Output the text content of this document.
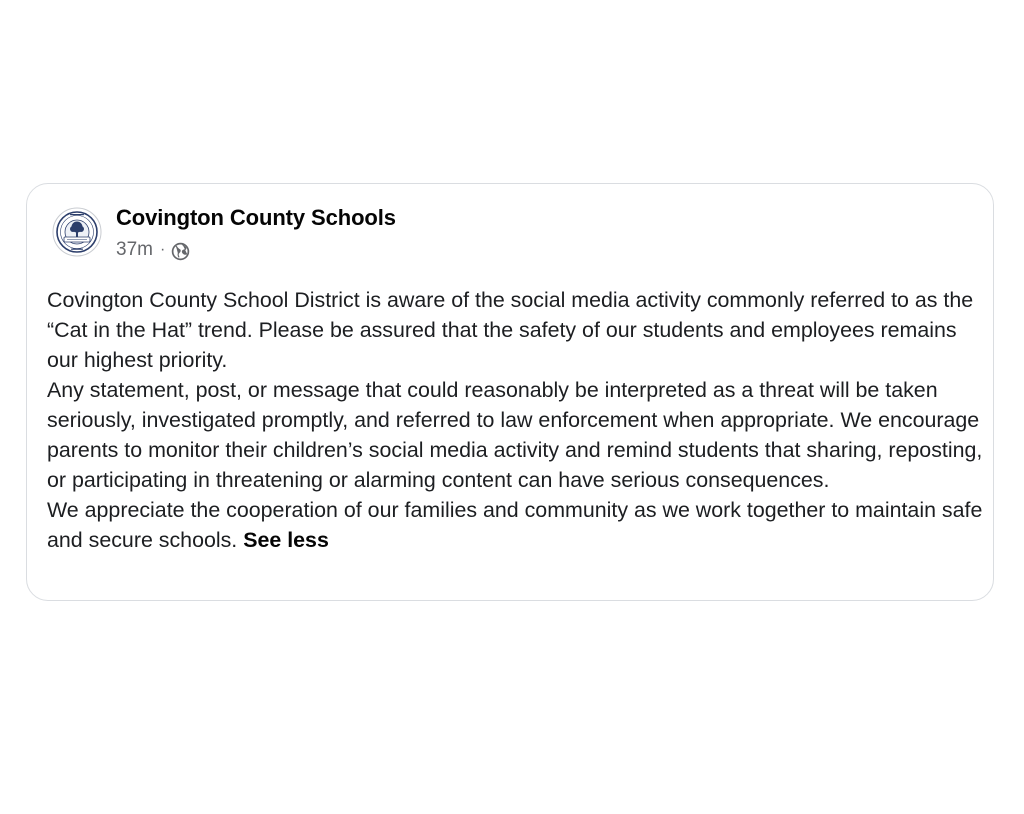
Covington County Schools
37m ·

Covington County School District is aware of the social media activity commonly referred to as the “Cat in the Hat” trend. Please be assured that the safety of our students and employees remains our highest priority.

Any statement, post, or message that could reasonably be interpreted as a threat will be taken seriously, investigated promptly, and referred to law enforcement when appropriate. We encourage parents to monitor their children’s social media activity and remind students that sharing, reposting, or participating in threatening or alarming content can have serious consequences.

We appreciate the cooperation of our families and community as we work together to maintain safe and secure schools. See less
